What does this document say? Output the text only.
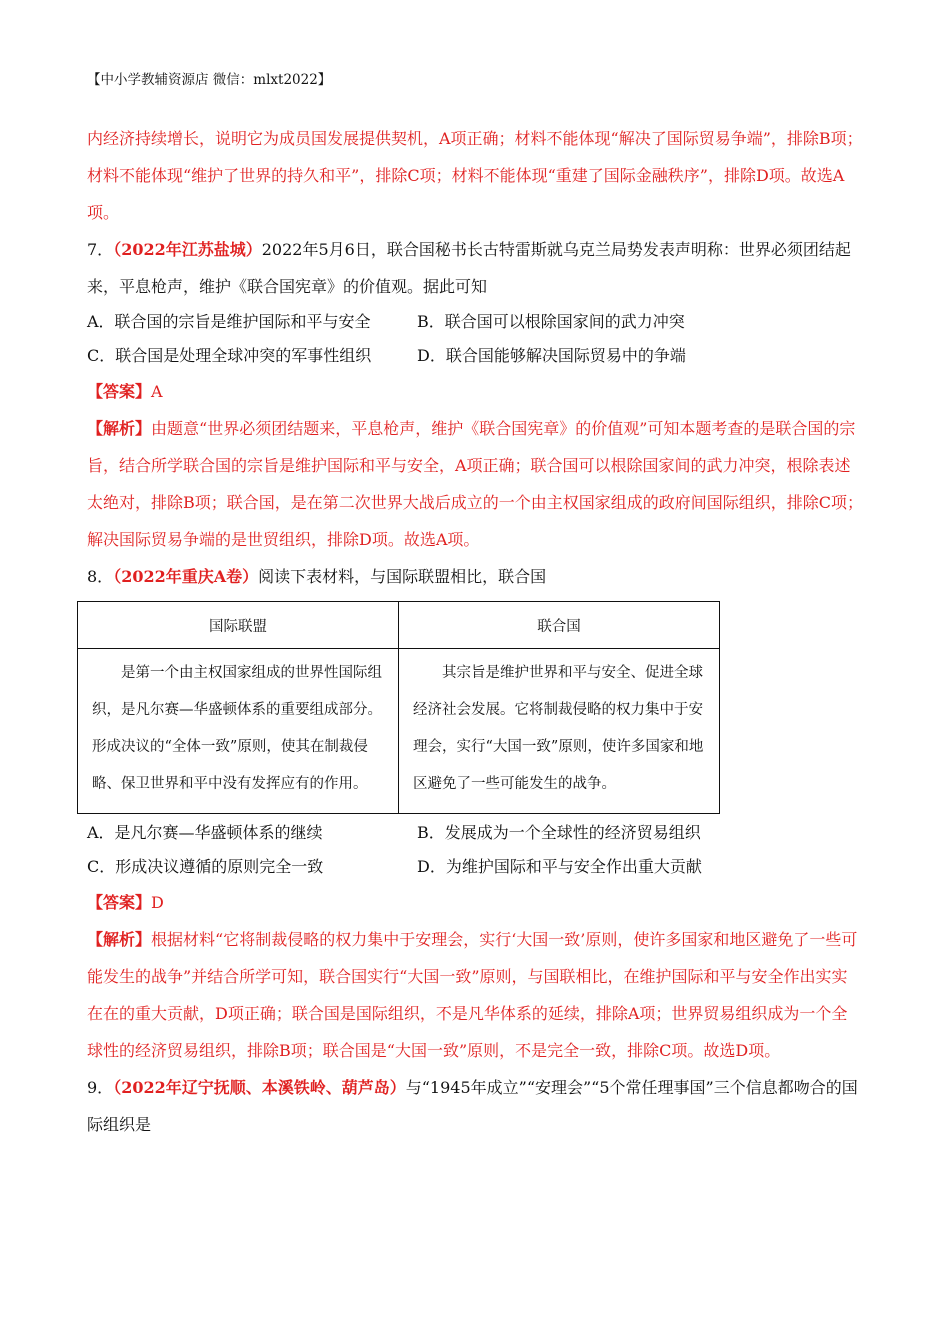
【中小学教辅资源店 微信：mlxt2022】

内经济持续增长，说明它为成员国发展提供契机，A项正确；材料不能体现“解决了国际贸易争端”，排除B项；材料不能体现“维护了世界的持久和平”，排除C项；材料不能体现“重建了国际金融秩序”，排除D项。故选A项。

7．（2022年江苏盐城）2022年5月6日，联合国秘书长古特雷斯就乌克兰局势发表声明称：世界必须团结起来，平息枪声，维护《联合国宪章》的价值观。据此可知

A．联合国的宗旨是维护国际和平与安全	B．联合国可以根除国家间的武力冲突
C．联合国是处理全球冲突的军事性组织	D．联合国能够解决国际贸易中的争端

【答案】A

【解析】由题意“世界必须团结题来，平息枪声，维护《联合国宪章》的价值观”可知本题考查的是联合国的宗旨，结合所学联合国的宗旨是维护国际和平与安全，A项正确；联合国可以根除国家间的武力冲突，根除表述太绝对，排除B项；联合国，是在第二次世界大战后成立的一个由主权国家组成的政府间国际组织，排除C项；解决国际贸易争端的是世贸组织，排除D项。故选A项。

8．（2022年重庆A卷）阅读下表材料，与国际联盟相比，联合国

国际联盟	联合国
是第一个由主权国家组成的世界性国际组织，是凡尔赛—华盛顿体系的重要组成部分。形成决议的“全体一致”原则，使其在制裁侵略、保卫世界和平中没有发挥应有的作用。	其宗旨是维护世界和平与安全、促进全球经济社会发展。它将制裁侵略的权力集中于安理会，实行“大国一致”原则，使许多国家和地区避免了一些可能发生的战争。
A．是凡尔赛—华盛顿体系的继续	B．发展成为一个全球性的经济贸易组织
C．形成决议遵循的原则完全一致	D．为维护国际和平与安全作出重大贡献

【答案】D

【解析】根据材料“它将制裁侵略的权力集中于安理会，实行‘大国一致’原则，使许多国家和地区避免了一些可能发生的战争”并结合所学可知，联合国实行“大国一致”原则，与国联相比，在维护国际和平与安全作出实实在在的重大贡献，D项正确；联合国是国际组织，不是凡华体系的延续，排除A项；世界贸易组织成为一个全球性的经济贸易组织，排除B项；联合国是“大国一致”原则，不是完全一致，排除C项。故选D项。

9．（2022年辽宁抚顺、本溪铁岭、葫芦岛）与“1945年成立”“安理会”“5个常任理事国”三个信息都吻合的国际组织是
